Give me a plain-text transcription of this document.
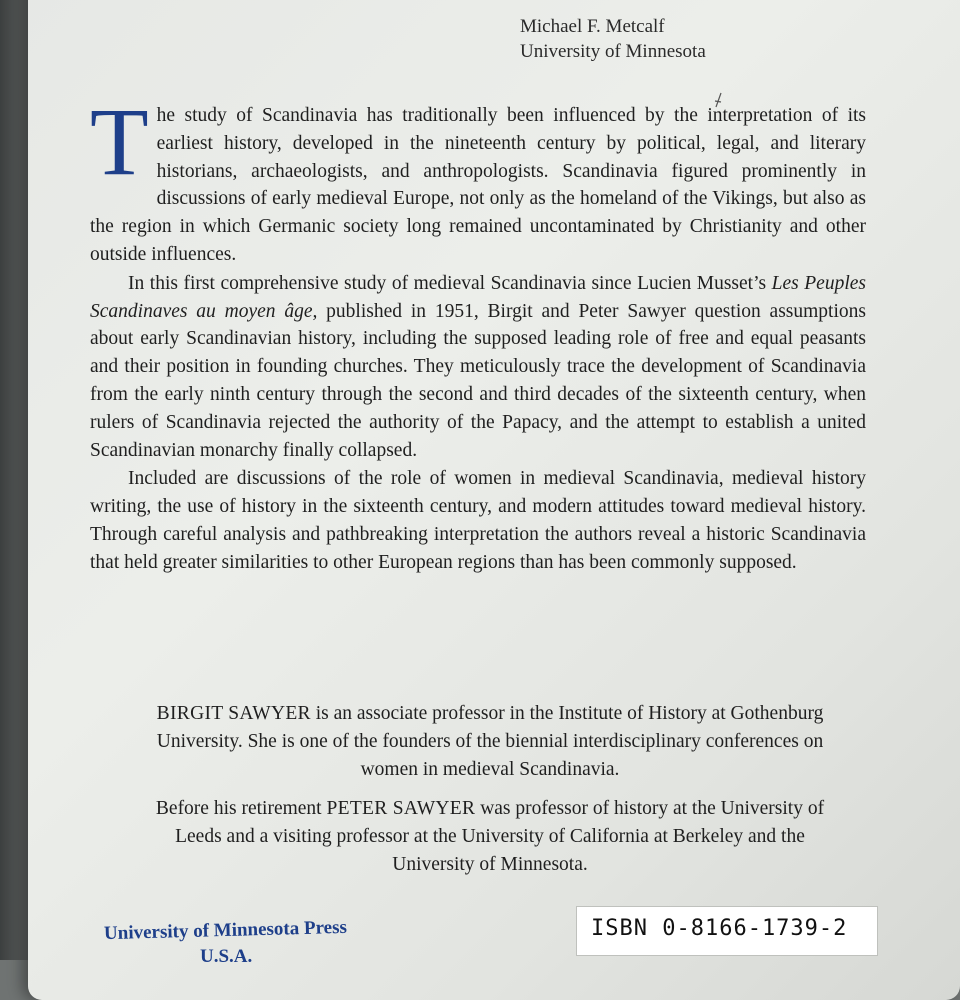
Michael F. Metcalf
University of Minnesota

The study of Scandinavia has traditionally been influenced by the interpretation of its earliest history, developed in the nineteenth century by political, legal, and literary historians, archaeologists, and anthropologists. Scandinavia figured prominently in discussions of early medieval Europe, not only as the homeland of the Vikings, but also as the region in which Germanic society long remained uncontaminated by Christianity and other outside influences.

In this first comprehensive study of medieval Scandinavia since Lucien Musset’s Les Peuples Scandinaves au moyen âge, published in 1951, Birgit and Peter Sawyer question assumptions about early Scandinavian history, including the supposed leading role of free and equal peasants and their position in founding churches. They meticulously trace the development of Scandinavia from the early ninth century through the second and third decades of the sixteenth century, when rulers of Scandinavia rejected the authority of the Papacy, and the attempt to establish a united Scandinavian monarchy finally collapsed.

Included are discussions of the role of women in medieval Scandinavia, medieval history writing, the use of history in the sixteenth century, and modern attitudes toward medieval history. Through careful analysis and pathbreaking interpretation the authors reveal a historic Scandinavia that held greater similarities to other European regions than has been commonly supposed.

BIRGIT SAWYER is an associate professor in the Institute of History at Gothenburg University. She is one of the founders of the biennial interdisciplinary conferences on women in medieval Scandinavia.

Before his retirement PETER SAWYER was professor of history at the University of Leeds and a visiting professor at the University of California at Berkeley and the University of Minnesota.

University of Minnesota Press
U.S.A.
ISBN 0-8166-1739-2
